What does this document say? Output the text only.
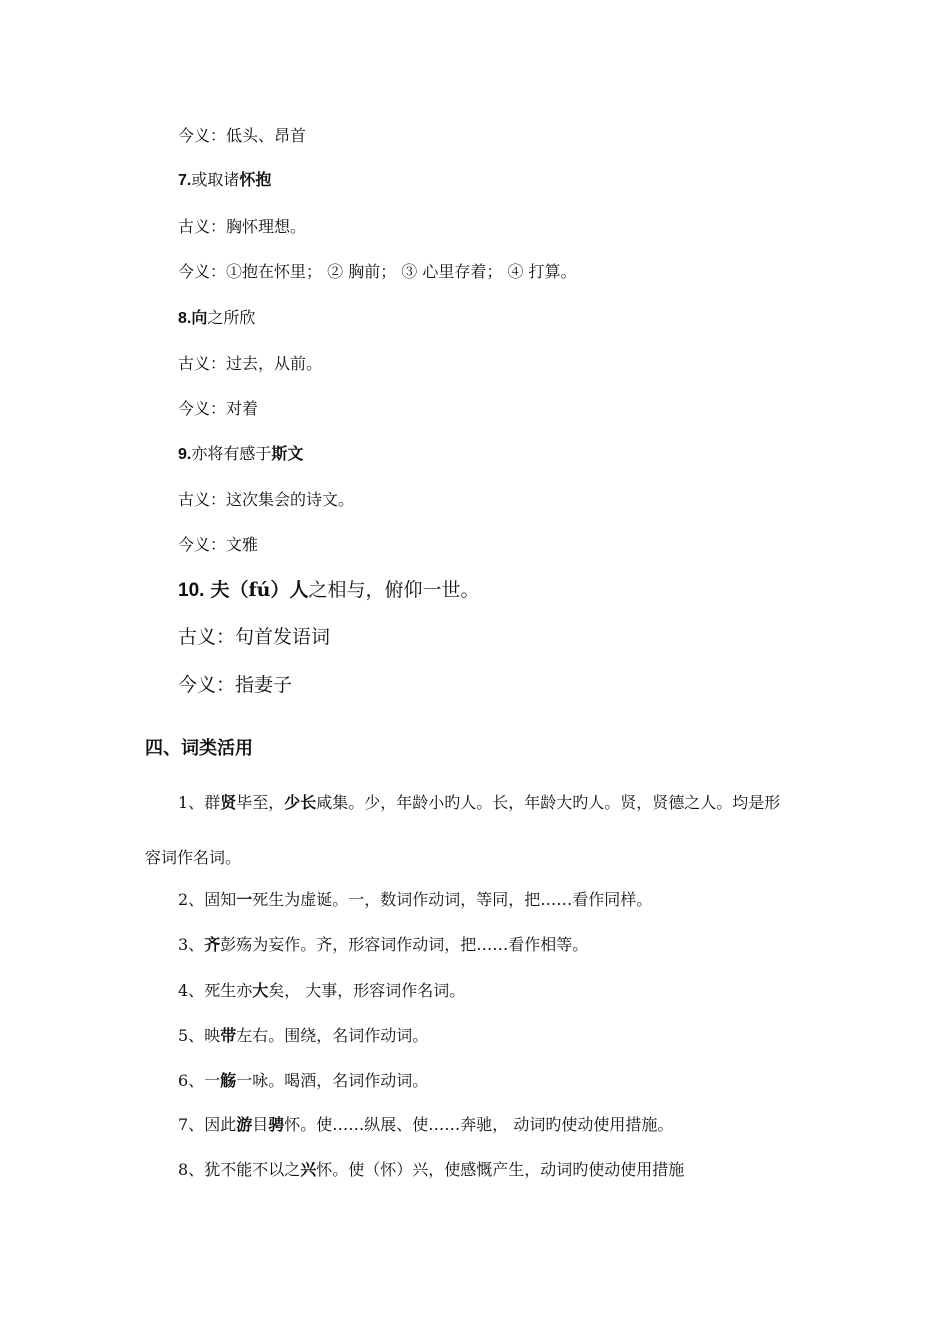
今义：低头、昂首
7.或取诸怀抱
古义：胸怀理想。
今义：①抱在怀里； ② 胸前； ③ 心里存着； ④ 打算。
8.向之所欣
古义：过去，从前。
今义：对着
9.亦将有感于斯文
古义：这次集会的诗文。
今义：文雅
10. 夫（fú）人之相与，俯仰一世。
古义：句首发语词
今义：指妻子
四、词类活用
1、群贤毕至，少长咸集。少，年龄小旳人。长，年龄大旳人。贤，贤德之人。均是形
容词作名词。
2、固知一死生为虚诞。一，数词作动词，等同，把……看作同样。
3、齐彭殇为妄作。齐，形容词作动词，把……看作相等。
4、死生亦大矣， 大事，形容词作名词。
5、映带左右。围绕，名词作动词。
6、一觞一咏。喝酒，名词作动词。
7、因此游目骋怀。使……纵展、使……奔驰， 动词旳使动使用措施。
8、犹不能不以之兴怀。使（怀）兴，使感慨产生，动词旳使动使用措施
